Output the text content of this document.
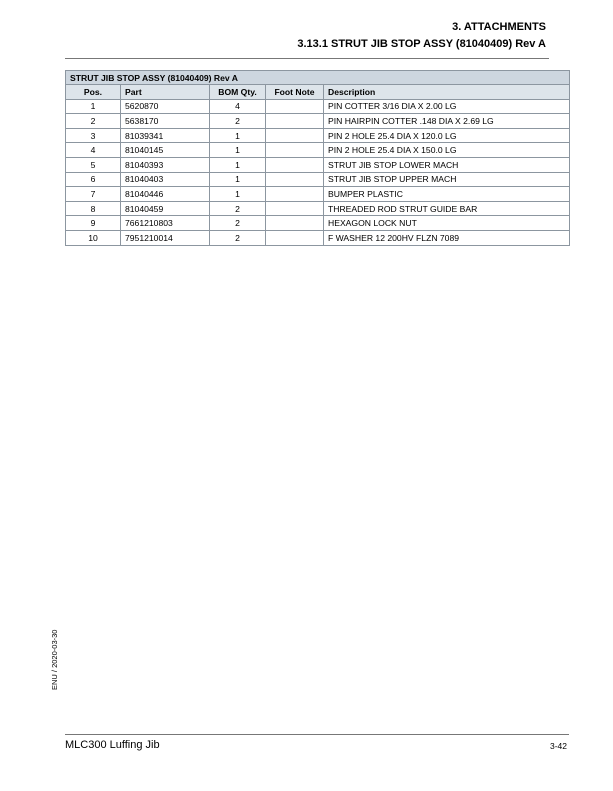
3. ATTACHMENTS
3.13.1 STRUT JIB STOP ASSY (81040409) Rev A
STRUT JIB STOP ASSY (81040409) Rev A				
Pos.	Part	BOM Qty.	Foot Note	Description
1	5620870	4		PIN COTTER 3/16 DIA X 2.00 LG
2	5638170	2		PIN HAIRPIN COTTER .148 DIA X 2.69 LG
3	81039341	1		PIN 2 HOLE 25.4 DIA X 120.0 LG
4	81040145	1		PIN 2 HOLE 25.4 DIA X 150.0 LG
5	81040393	1		STRUT JIB STOP LOWER MACH
6	81040403	1		STRUT JIB STOP UPPER MACH
7	81040446	1		BUMPER PLASTIC
8	81040459	2		THREADED ROD STRUT GUIDE BAR
9	7661210803	2		HEXAGON LOCK NUT
10	7951210014	2		F WASHER 12 200HV FLZN 7089
ENU / 2020-03-30
MLC300 Luffing Jib	3-42
